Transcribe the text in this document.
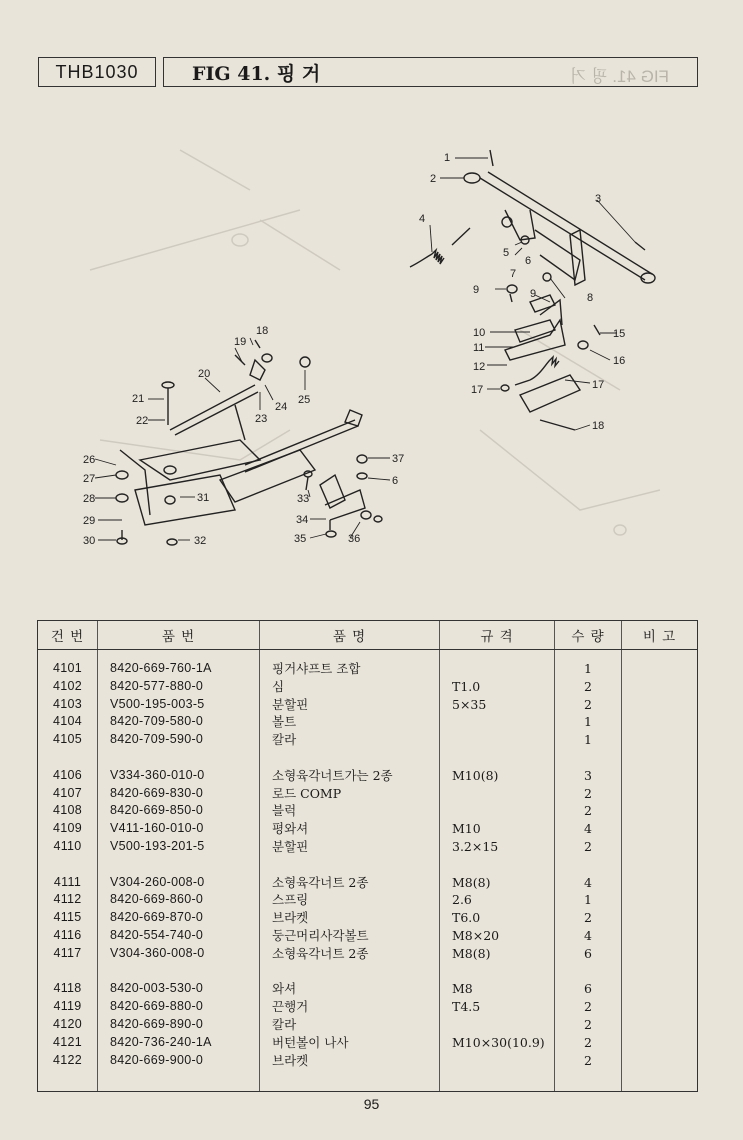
THB1030	FIG 41. 핑 거	FIG 41. 핑 거
1
2
3
4
5
6
7
8
9	9
10
11
12
15
16
17
17
18
18
19
20
21
22	23
24
25
26
27
28
29
30
31
32
33
34
35	36
37
6
건 번	품 번	품 명	규 격	수 량	비 고

4101	8420-669-760-1A	핑거샤프트 조합		1	
4102	8420-577-880-0	심	T1.0	2	
4103	V500-195-003-5	분할핀	5×35	2	
4104	8420-709-580-0	볼트		1	
4105	8420-709-590-0	칼라		1	

4106	V334-360-010-0	소형육각너트가는 2종	M10(8)	3	
4107	8420-669-830-0	로드 COMP		2	
4108	8420-669-850-0	블럭		2	
4109	V411-160-010-0	평와셔	M10	4	
4110	V500-193-201-5	분할핀	3.2×15	2	

4111	V304-260-008-0	소형육각너트 2종	M8(8)	4	
4112	8420-669-860-0	스프링	2.6	1	
4115	8420-669-870-0	브라켓	T6.0	2	
4116	8420-554-740-0	둥근머리사각볼트	M8×20	4	
4117	V304-360-008-0	소형육각너트 2종	M8(8)	6	

4118	8420-003-530-0	와셔	M8	6	
4119	8420-669-880-0	끈행거	T4.5	2	
4120	8420-669-890-0	칼라		2	
4121	8420-736-240-1A	버턴볼이 나사	M10×30(10.9)	2	
4122	8420-669-900-0	브라켓		2	

95
